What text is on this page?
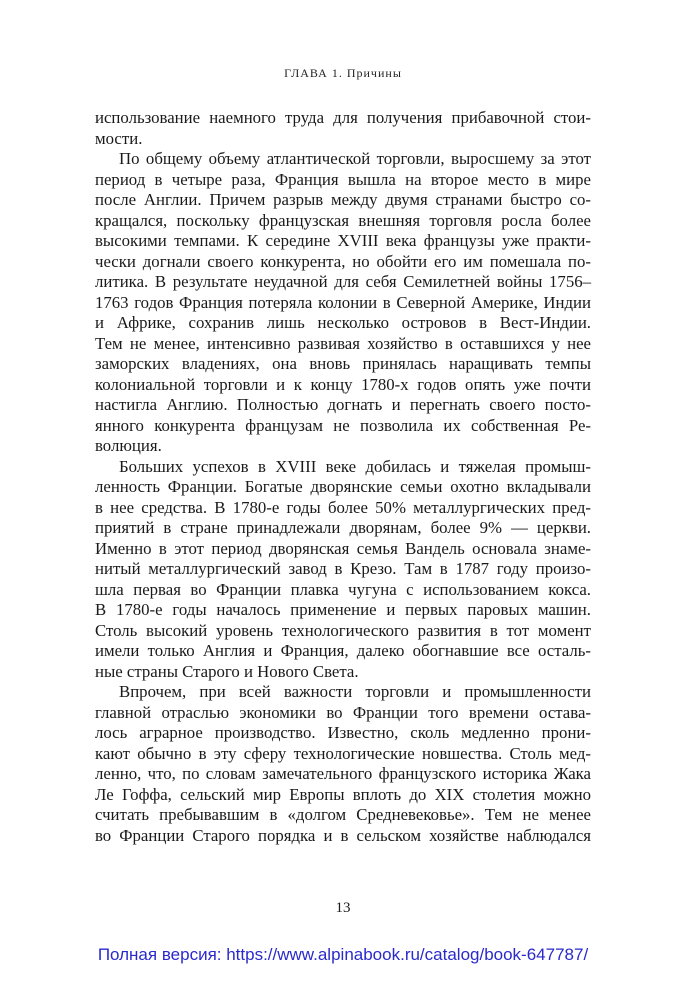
ГЛАВА 1. Причины

использование наемного труда для получения прибавочной стои-
мости.

По общему объему атлантической торговли, выросшему за этот
период в четыре раза, Франция вышла на второе место в мире
после Англии. Причем разрыв между двумя странами быстро со-
кращался, поскольку французская внешняя торговля росла более
высокими темпами. К середине XVIII века французы уже практи-
чески догнали своего конкурента, но обойти его им помешала по-
литика. В результате неудачной для себя Семилетней войны 1756–
1763 годов Франция потеряла колонии в Северной Америке, Индии
и Африке, сохранив лишь несколько островов в Вест-Индии.
Тем не менее, интенсивно развивая хозяйство в оставшихся у нее
заморских владениях, она вновь принялась наращивать темпы
колониальной торговли и к концу 1780-х годов опять уже почти
настигла Англию. Полностью догнать и перегнать своего посто-
янного конкурента французам не позволила их собственная Ре-
волюция.

Больших успехов в XVIII веке добилась и тяжелая промыш-
ленность Франции. Богатые дворянские семьи охотно вкладывали
в нее средства. В 1780-е годы более 50% металлургических пред-
приятий в стране принадлежали дворянам, более 9% — церкви.
Именно в этот период дворянская семья Вандель основала знаме-
нитый металлургический завод в Крезо. Там в 1787 году произо-
шла первая во Франции плавка чугуна с использованием кокса.
В 1780-е годы началось применение и первых паровых машин.
Столь высокий уровень технологического развития в тот момент
имели только Англия и Франция, далеко обогнавшие все осталь-
ные страны Старого и Нового Света.

Впрочем, при всей важности торговли и промышленности
главной отраслью экономики во Франции того времени остава-
лось аграрное производство. Известно, сколь медленно прони-
кают обычно в эту сферу технологические новшества. Столь мед-
ленно, что, по словам замечательного французского историка Жака
Ле Гоффа, сельский мир Европы вплоть до XIX столетия можно
считать пребывавшим в «долгом Средневековье». Тем не менее
во Франции Старого порядка и в сельском хозяйстве наблюдался

13
Полная версия: https://www.alpinabook.ru/catalog/book-647787/
